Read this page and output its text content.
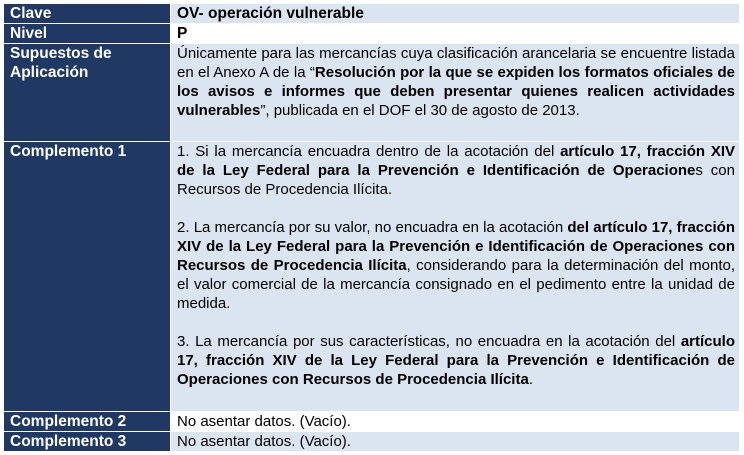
Clave	OV- operación vulnerable
Nivel	P
Supuestos de Aplicación	Únicamente para las mercancías cuya clasificación arancelaria se encuentre listada en el Anexo A de la “Resolución por la que se expiden los formatos oficiales de los avisos e informes que deben presentar quienes realicen actividades vulnerables”, publicada en el DOF el 30 de agosto de 2013.
Complemento 1	1. Si la mercancía encuadra dentro de la acotación del artículo 17, fracción XIV de la Ley Federal para la Prevención e Identificación de Operaciones con Recursos de Procedencia Ilícita.

2. La mercancía por su valor, no encuadra en la acotación del artículo 17, fracción XIV de la Ley Federal para la Prevención e Identificación de Operaciones con Recursos de Procedencia Ilícita, considerando para la determinación del monto, el valor comercial de la mercancía consignado en el pedimento entre la unidad de medida.

3. La mercancía por sus características, no encuadra en la acotación del artículo 17, fracción XIV de la Ley Federal para la Prevención e Identificación de Operaciones con Recursos de Procedencia Ilícita.

Complemento 2	No asentar datos. (Vacío).
Complemento 3	No asentar datos. (Vacío).
